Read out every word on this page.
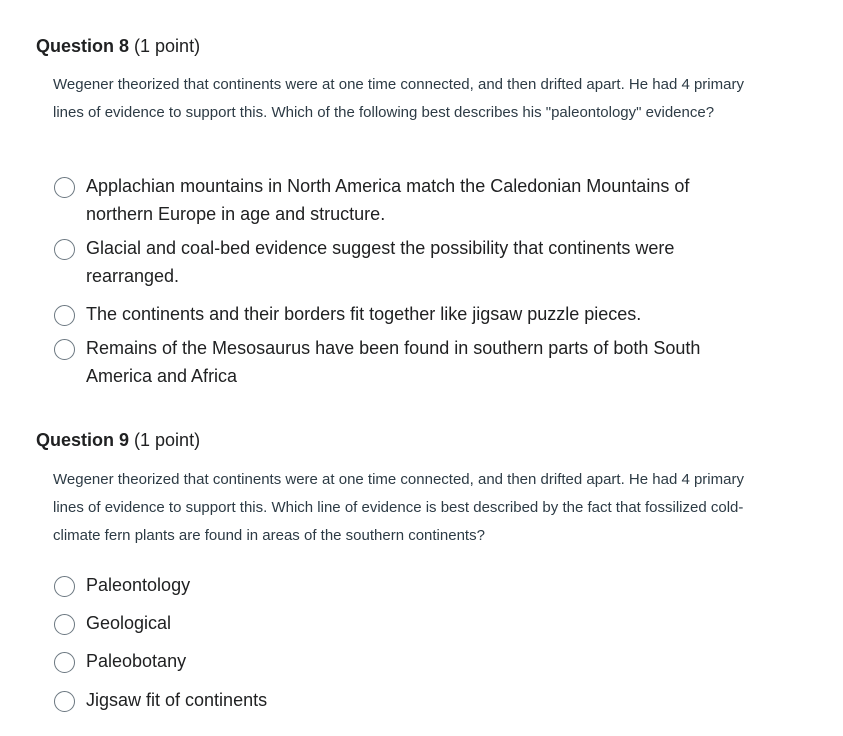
Question 8 (1 point)
Wegener theorized that continents were at one time connected, and then drifted apart. He had 4 primary lines of evidence to support this. Which of the following best describes his "paleontology" evidence?
Applachian mountains in North America match the Caledonian Mountains of northern Europe in age and structure.
Glacial and coal-bed evidence suggest the possibility that continents were rearranged.
The continents and their borders fit together like jigsaw puzzle pieces.
Remains of the Mesosaurus have been found in southern parts of both South America and Africa
Question 9 (1 point)
Wegener theorized that continents were at one time connected, and then drifted apart. He had 4 primary lines of evidence to support this. Which line of evidence is best described by the fact that fossilized cold-climate fern plants are found in areas of the southern continents?
Paleontology
Geological
Paleobotany
Jigsaw fit of continents
